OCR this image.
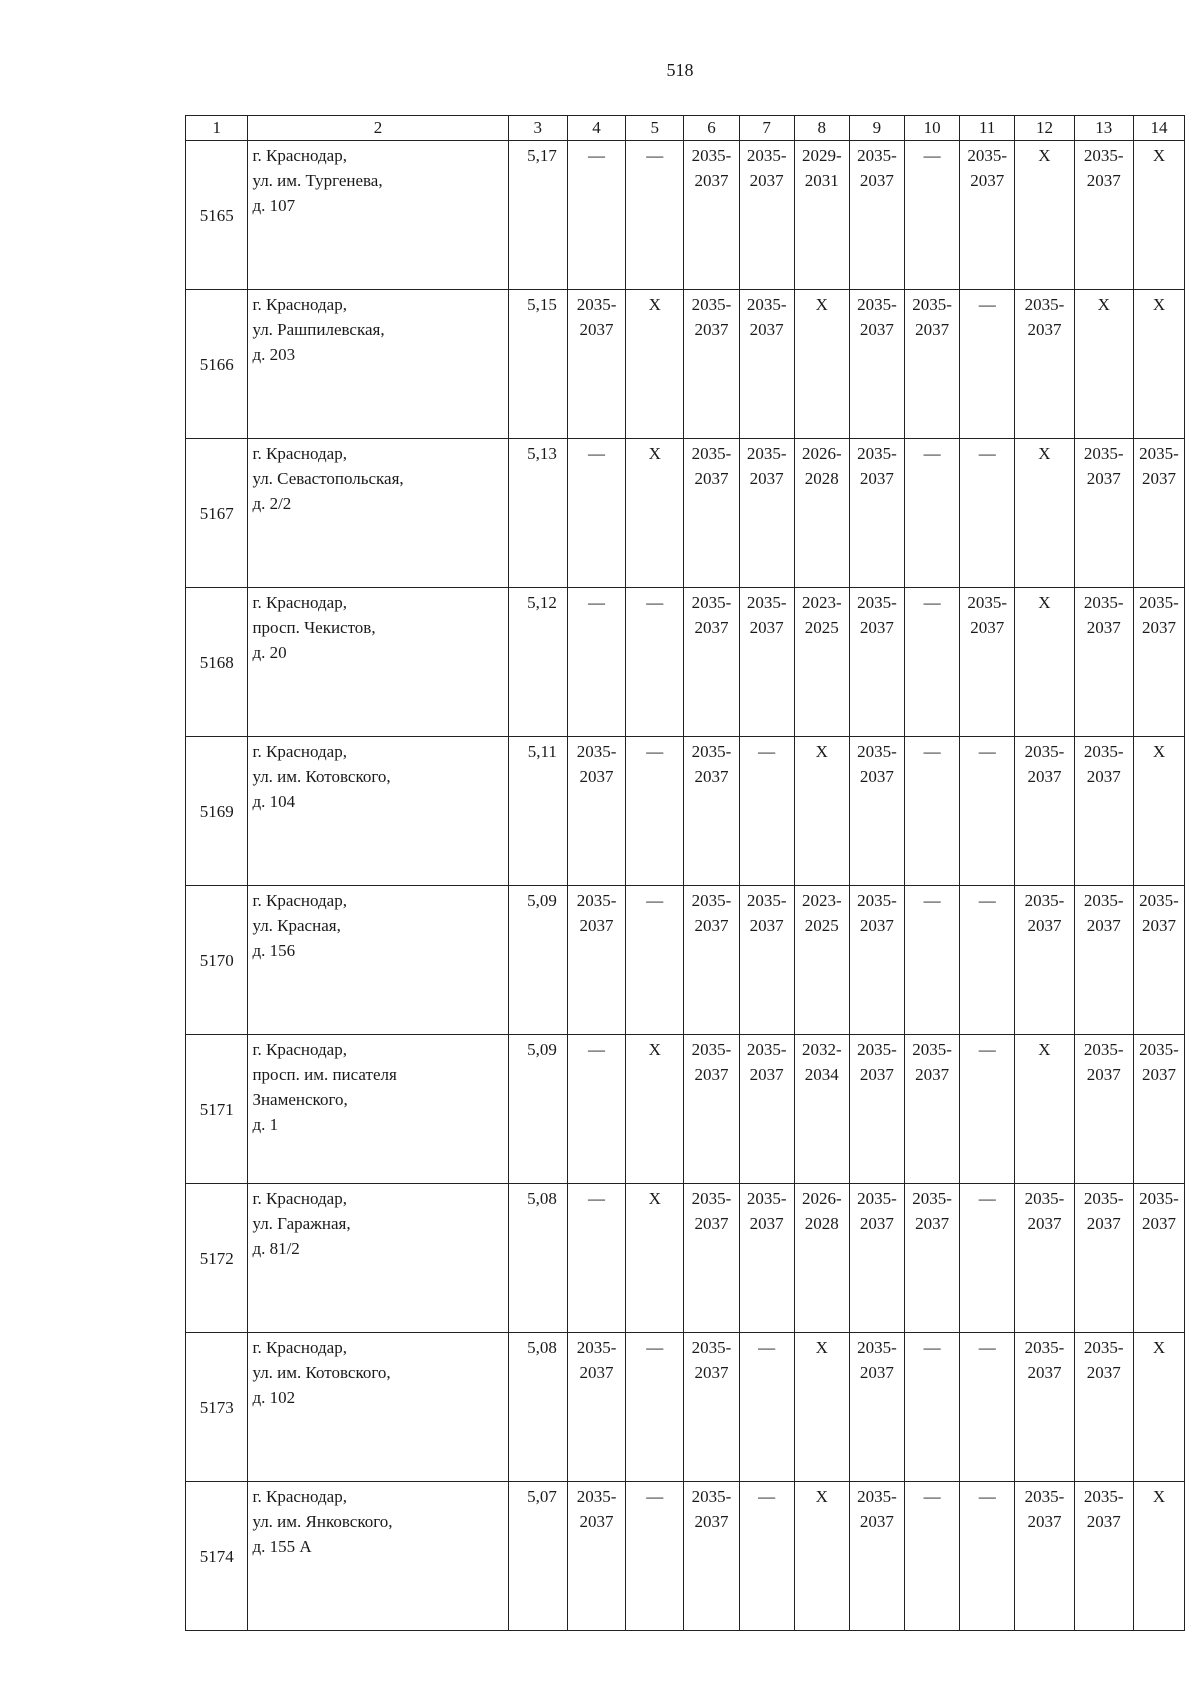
518
1	2	3	4	5	6	7	8	9	10	11	12	13	14
5165	г. Краснодар,
ул. им. Тургенева,
д. 107	5,17	—	—	2035-
2037	2035-
2037	2029-
2031	2035-
2037	—	2035-
2037	X	2035-
2037	X

5166	г. Краснодар,
ул. Рашпилевская,
д. 203	5,15	2035-
2037	X	2035-
2037	2035-
2037	X	2035-
2037	2035-
2037	—	2035-
2037	X	X

5167	г. Краснодар,
ул. Севастопольская,
д. 2/2	5,13	—	X	2035-
2037	2035-
2037	2026-
2028	2035-
2037	—	—	X	2035-
2037	2035-
2037

5168	г. Краснодар,
просп. Чекистов,
д. 20	5,12	—	—	2035-
2037	2035-
2037	2023-
2025	2035-
2037	—	2035-
2037	X	2035-
2037	2035-
2037

5169	г. Краснодар,
ул. им. Котовского,
д. 104	5,11	2035-
2037	—	2035-
2037	—	X	2035-
2037	—	—	2035-
2037	2035-
2037	X

5170	г. Краснодар,
ул. Красная,
д. 156	5,09	2035-
2037	—	2035-
2037	2035-
2037	2023-
2025	2035-
2037	—	—	2035-
2037	2035-
2037	2035-
2037

5171	г. Краснодар,
просп. им. писателя
Знаменского,
д. 1	5,09	—	X	2035-
2037	2035-
2037	2032-
2034	2035-
2037	2035-
2037	—	X	2035-
2037	2035-
2037

5172	г. Краснодар,
ул. Гаражная,
д. 81/2	5,08	—	X	2035-
2037	2035-
2037	2026-
2028	2035-
2037	2035-
2037	—	2035-
2037	2035-
2037	2035-
2037

5173	г. Краснодар,
ул. им. Котовского,
д. 102	5,08	2035-
2037	—	2035-
2037	—	X	2035-
2037	—	—	2035-
2037	2035-
2037	X

5174	г. Краснодар,
ул. им. Янковского,
д. 155 А	5,07	2035-
2037	—	2035-
2037	—	X	2035-
2037	—	—	2035-
2037	2035-
2037	X
